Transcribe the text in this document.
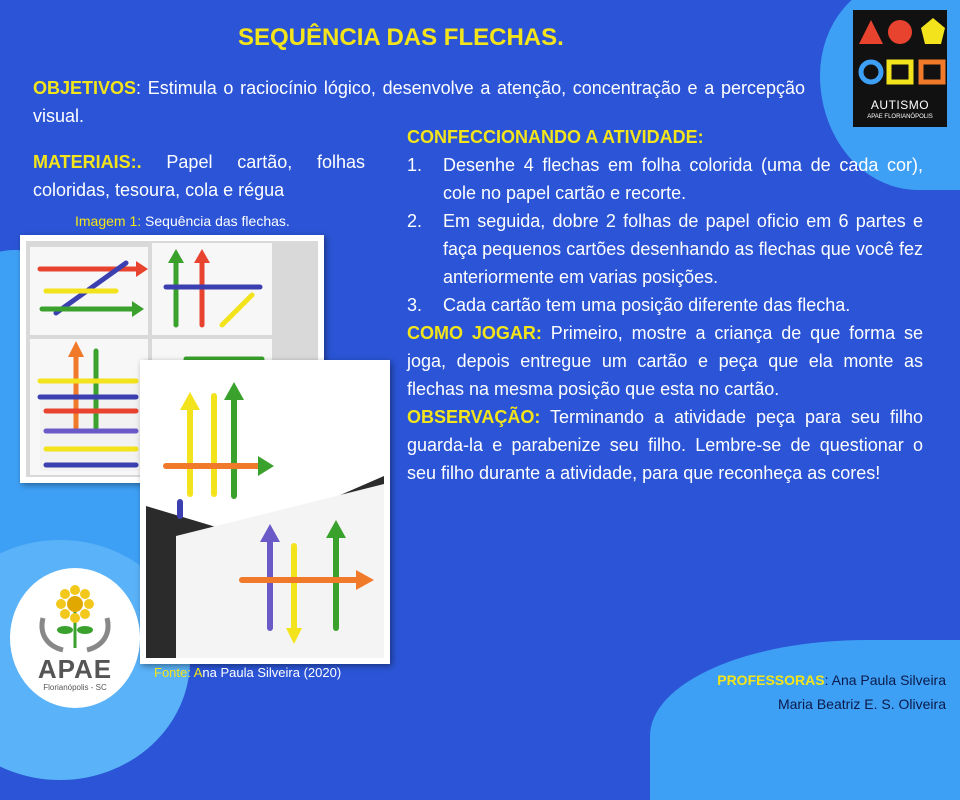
SEQUÊNCIA DAS FLECHAS.
OBJETIVOS: Estimula o raciocínio lógico, desenvolve a atenção, concentração e a percepção visual.
MATERIAIS:. Papel cartão, folhas coloridas, tesoura, cola e régua
Imagem 1: Sequência das flechas.
Fonte: Ana Paula Silveira (2020)
CONFECCIONANDO A ATIVIDADE:
1.	Desenhe 4 flechas em folha colorida (uma de cada cor), cole no papel cartão e recorte.
2.	Em seguida, dobre 2 folhas de papel oficio em 6 partes e faça pequenos cartões desenhando as flechas que você fez anteriormente em varias posições.
3.	Cada cartão tem uma posição diferente das flecha.
COMO JOGAR: Primeiro, mostre a criança de que forma se joga, depois entregue um cartão e peça que ela monte as flechas na mesma posição que esta no cartão.
OBSERVAÇÃO: Terminando a atividade peça para seu filho guarda-la e parabenize seu filho. Lembre-se de questionar o seu filho durante a atividade, para que reconheça as cores!
AUTISMO
APAE FLORIANÓPOLIS
APAE
Florianópolis - SC	PROFESSORAS: Ana Paula Silveira
Maria Beatriz E. S. Oliveira
